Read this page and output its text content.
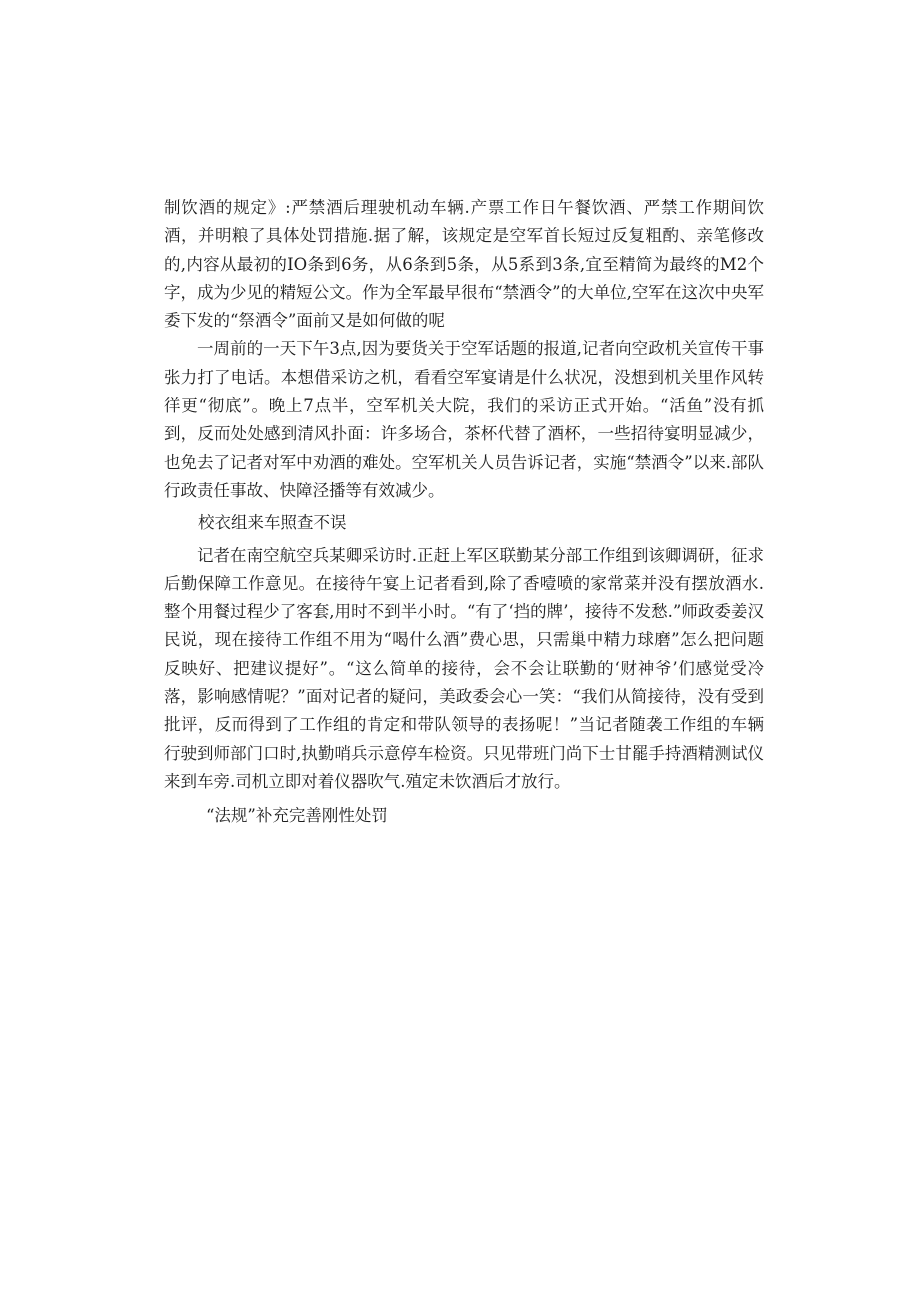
制饮酒的规定》:严禁酒后理驶机动车辆.产票工作日午餐饮酒、严禁工作期间饮酒，并明粮了具体处罚措施.据了解，该规定是空军首长短过反复粗酌、亲笔修改的,内容从最初的IO条到6务，从6条到5条，从5系到3条,宜至精简为最终的M2个字，成为少见的精短公文。作为全军最早很布“禁酒令”的大单位,空军在这次中央军委下发的“祭酒令”面前又是如何做的呢

一周前的一天下午3点,因为要货关于空军话题的报道,记者向空政机关宣传干事张力打了电话。本想借采访之机，看看空军宴请是什么状况，没想到机关里作风转徉更“彻底”。晚上7点半，空军机关大院，我们的采访正式开始。“活鱼”没有抓到，反而处处感到清风扑面：许多场合，茶杯代替了酒杯，一些招待宴明显减少，也免去了记者对军中劝酒的难处。空军机关人员告诉记者，实施“禁酒令”以来.部队行政责任事故、快障泾播等有效减少。

校衣组来车照查不误

记者在南空航空兵某卿采访时.正赶上军区联勤某分部工作组到该卿调研，征求后勤保障工作意见。在接待午宴上记者看到,除了香噎喷的家常菜并没有摆放酒水.整个用餐过程少了客套,用时不到半小时。“有了‘挡的牌’，接待不发愁.”师政委姜汉民说，现在接待工作组不用为“喝什么酒”费心思，只需巢中精力球磨”怎么把问题反映好、把建议提好”。“这么简单的接待，会不会让联勤的‘财神爷’们感觉受冷落，影响感情呢？”面对记者的疑问，美政委会心一笑：“我们从简接待，没有受到批评，反而得到了工作组的肯定和带队领导的表扬呢！”当记者随袭工作组的车辆行驶到师部门口时,执勤哨兵示意停车检资。只见带班门尚下士甘罷手持酒精测试仪来到车旁.司机立即对着仪器吹气.殖定未饮酒后才放行。

“法规”补充完善刚性处罚
